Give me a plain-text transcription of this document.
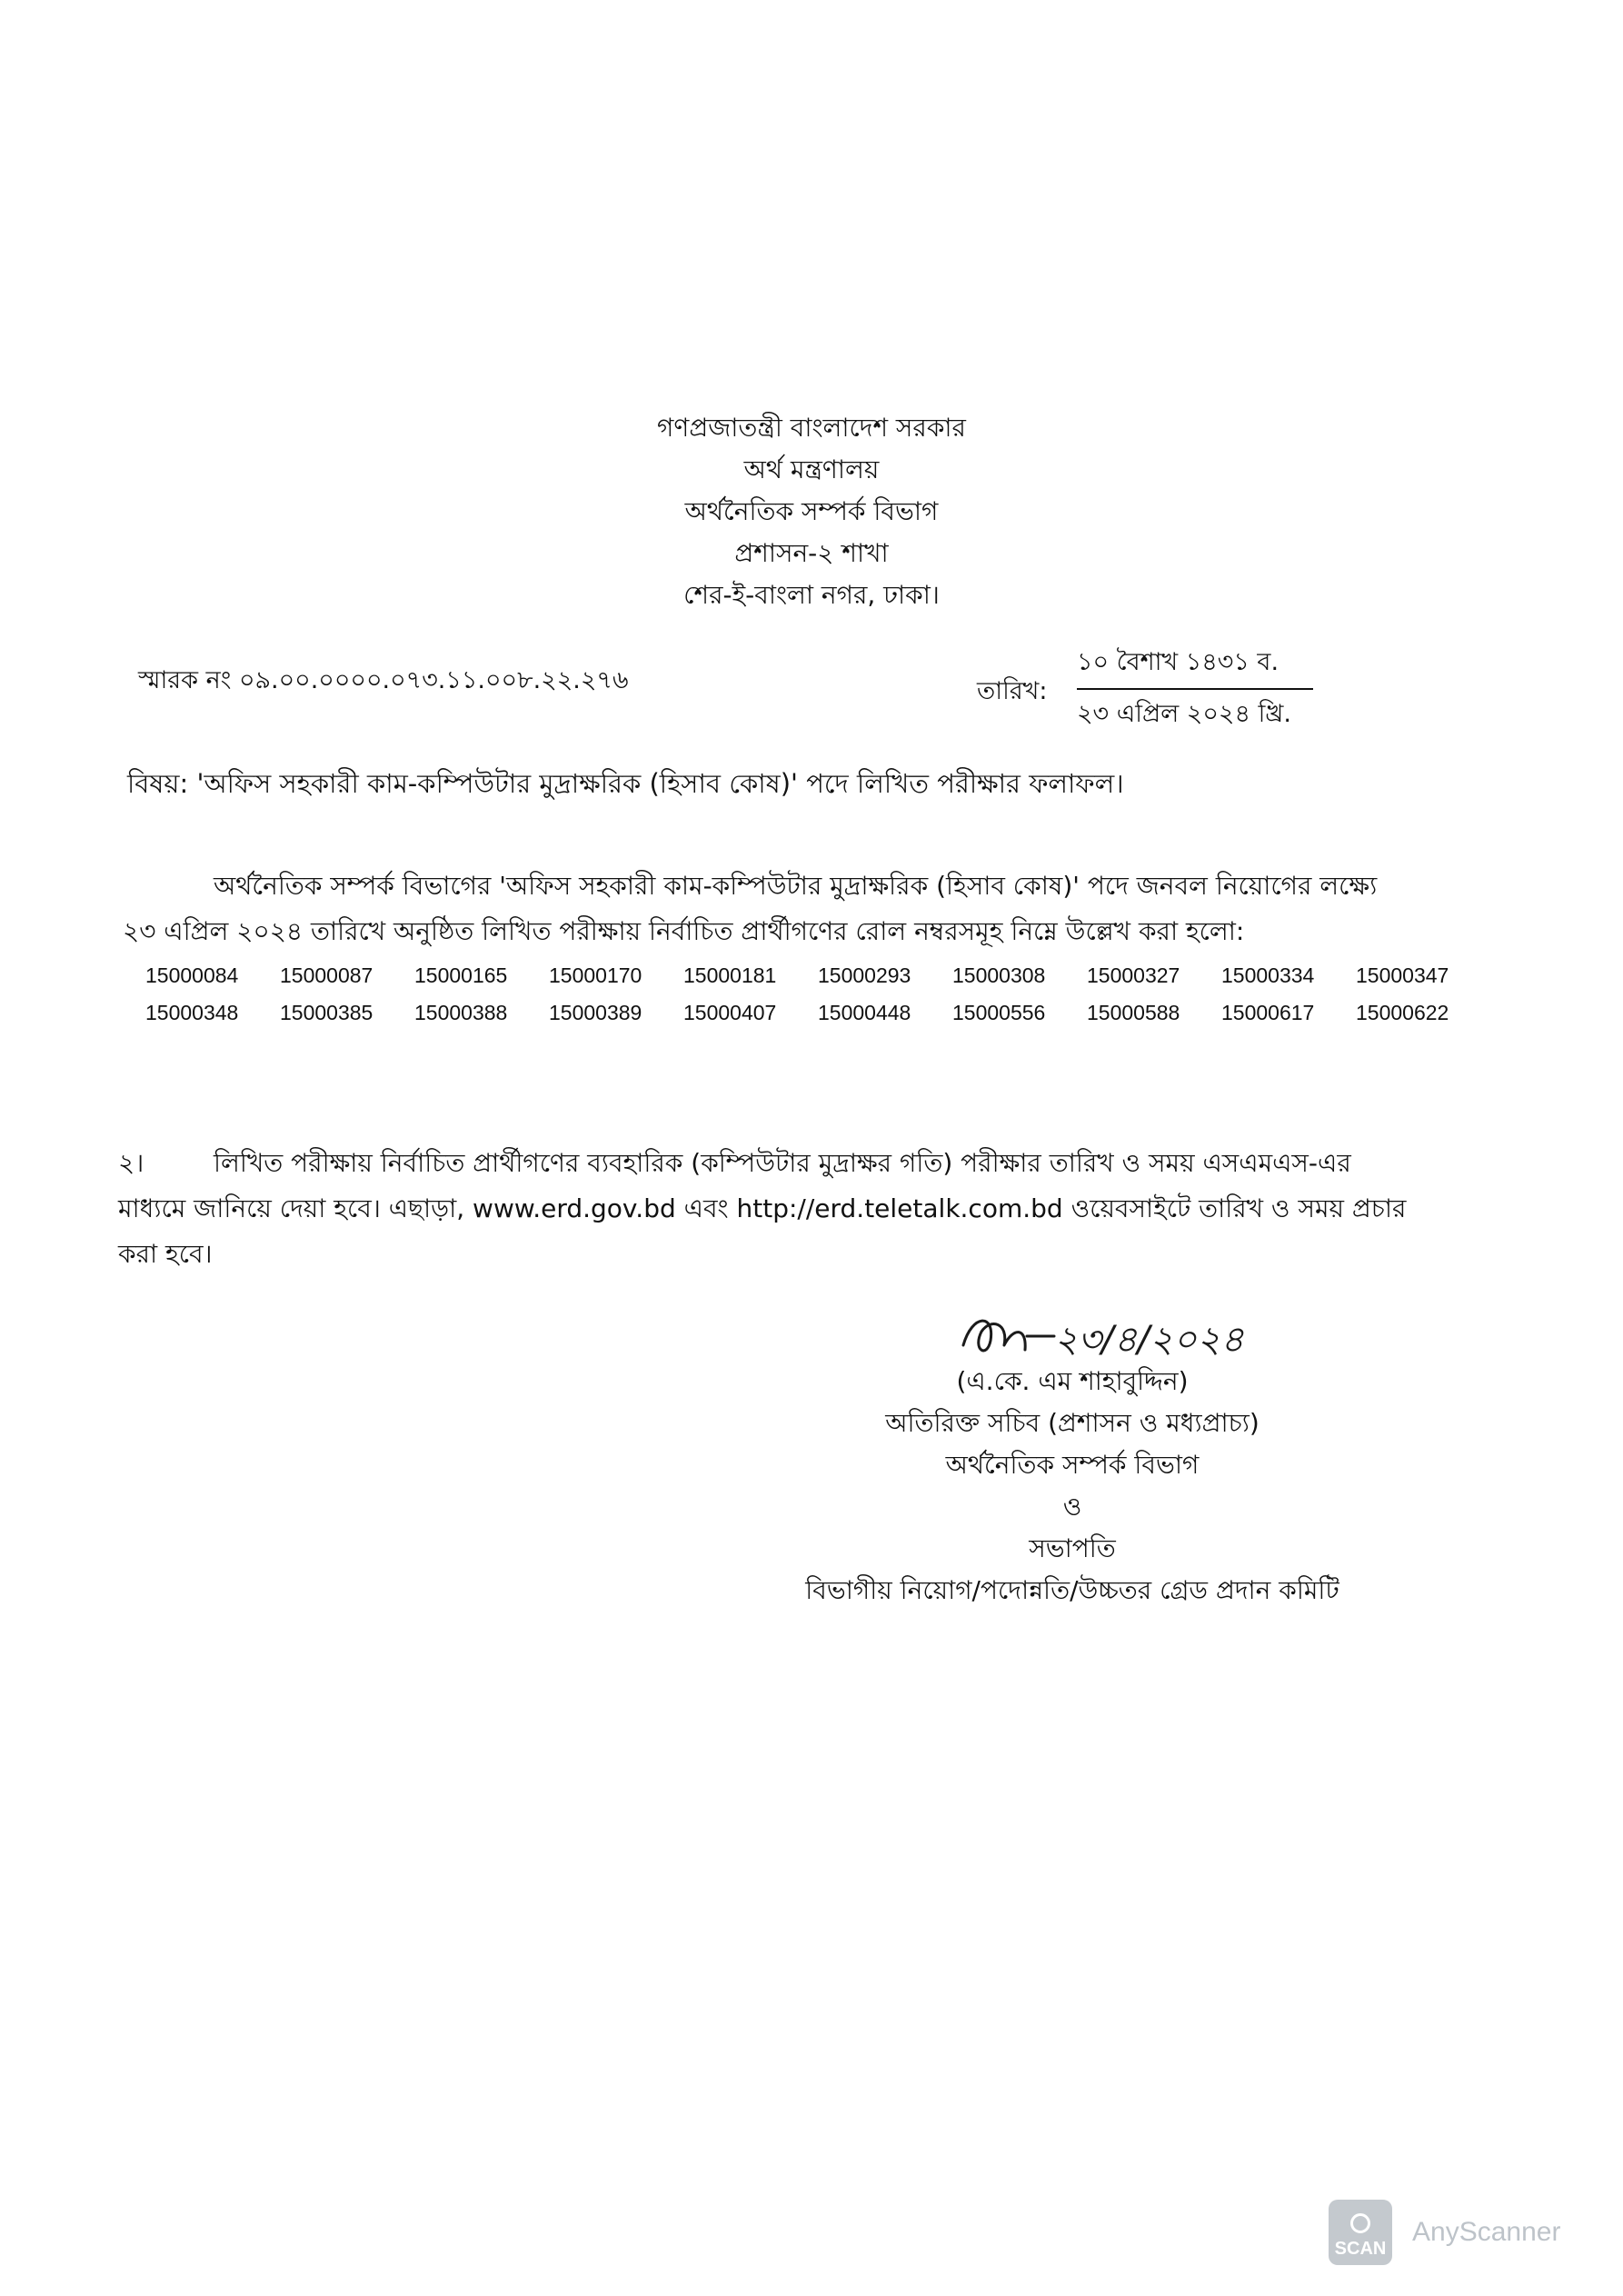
গণপ্রজাতন্ত্রী বাংলাদেশ সরকার
অর্থ মন্ত্রণালয়
অর্থনৈতিক সম্পর্ক বিভাগ
প্রশাসন-২ শাখা
শের-ই-বাংলা নগর, ঢাকা।
স্মারক নং ০৯.০০.০০০০.০৭৩.১১.০০৮.২২.২৭৬	তারিখ:
১০ বৈশাখ ১৪৩১ ব.
২৩ এপ্রিল ২০২৪ খ্রি.
বিষয়: 'অফিস সহকারী কাম-কম্পিউটার মুদ্রাক্ষরিক (হিসাব কোষ)' পদে লিখিত পরীক্ষার ফলাফল।
অর্থনৈতিক সম্পর্ক বিভাগের 'অফিস সহকারী কাম-কম্পিউটার মুদ্রাক্ষরিক (হিসাব কোষ)' পদে জনবল নিয়োগের লক্ষ্যে
২৩ এপ্রিল ২০২৪ তারিখে অনুষ্ঠিত লিখিত পরীক্ষায় নির্বাচিত প্রার্থীগণের রোল নম্বরসমূহ নিম্নে উল্লেখ করা হলো:
15000084	15000087	15000165	15000170	15000181	15000293	15000308	15000327	15000334	15000347
15000348	15000385	15000388	15000389	15000407	15000448	15000556	15000588	15000617	15000622
২।	লিখিত পরীক্ষায় নির্বাচিত প্রার্থীগণের ব্যবহারিক (কম্পিউটার মুদ্রাক্ষর গতি) পরীক্ষার তারিখ ও সময় এসএমএস-এর
মাধ্যমে জানিয়ে দেয়া হবে। এছাড়া, www.erd.gov.bd এবং http://erd.teletalk.com.bd ওয়েবসাইটে তারিখ ও সময় প্রচার
করা হবে।
২৩/৪/২০২৪
(এ.কে. এম শাহাবুদ্দিন)
অতিরিক্ত সচিব (প্রশাসন ও মধ্যপ্রাচ্য)
অর্থনৈতিক সম্পর্ক বিভাগ
ও
সভাপতি
বিভাগীয় নিয়োগ/পদোন্নতি/উচ্চতর গ্রেড প্রদান কমিটি
SCAN
AnyScanner
